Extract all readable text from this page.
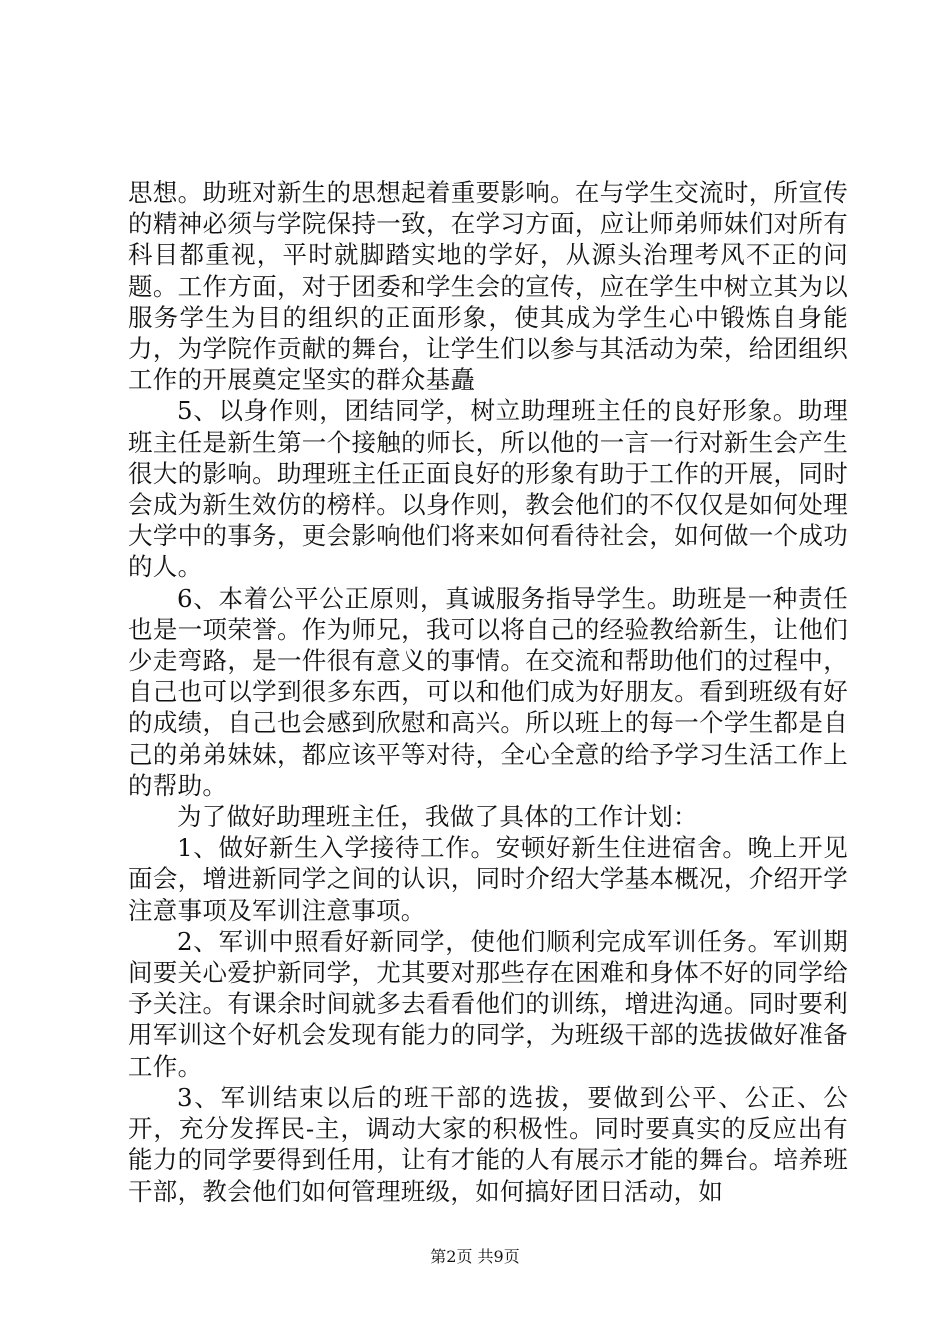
思想。助班对新生的思想起着重要影响。在与学生交流时，所宣传的精神必须与学院保持一致，在学习方面，应让师弟师妹们对所有科目都重视，平时就脚踏实地的学好，从源头治理考风不正的问题。工作方面，对于团委和学生会的宣传，应在学生中树立其为以服务学生为目的组织的正面形象，使其成为学生心中锻炼自身能力，为学院作贡献的舞台，让学生们以参与其活动为荣，给团组织工作的开展奠定坚实的群众基矗

5、以身作则，团结同学，树立助理班主任的良好形象。助理班主任是新生第一个接触的师长，所以他的一言一行对新生会产生很大的影响。助理班主任正面良好的形象有助于工作的开展，同时会成为新生效仿的榜样。以身作则，教会他们的不仅仅是如何处理大学中的事务，更会影响他们将来如何看待社会，如何做一个成功的人。

6、本着公平公正原则，真诚服务指导学生。助班是一种责任也是一项荣誉。作为师兄，我可以将自己的经验教给新生，让他们少走弯路，是一件很有意义的事情。在交流和帮助他们的过程中，自己也可以学到很多东西，可以和他们成为好朋友。看到班级有好的成绩，自己也会感到欣慰和高兴。所以班上的每一个学生都是自己的弟弟妹妹，都应该平等对待，全心全意的给予学习生活工作上的帮助。

为了做好助理班主任，我做了具体的工作计划：

1、做好新生入学接待工作。安顿好新生住进宿舍。晚上开见面会，增进新同学之间的认识，同时介绍大学基本概况，介绍开学注意事项及军训注意事项。

2、军训中照看好新同学，使他们顺利完成军训任务。军训期间要关心爱护新同学，尤其要对那些存在困难和身体不好的同学给予关注。有课余时间就多去看看他们的训练，增进沟通。同时要利用军训这个好机会发现有能力的同学，为班级干部的选拔做好准备工作。

3、军训结束以后的班干部的选拔，要做到公平、公正、公开，充分发挥民-主，调动大家的积极性。同时要真实的反应出有能力的同学要得到任用，让有才能的人有展示才能的舞台。培养班干部，教会他们如何管理班级，如何搞好团日活动，如

第2页 共9页
